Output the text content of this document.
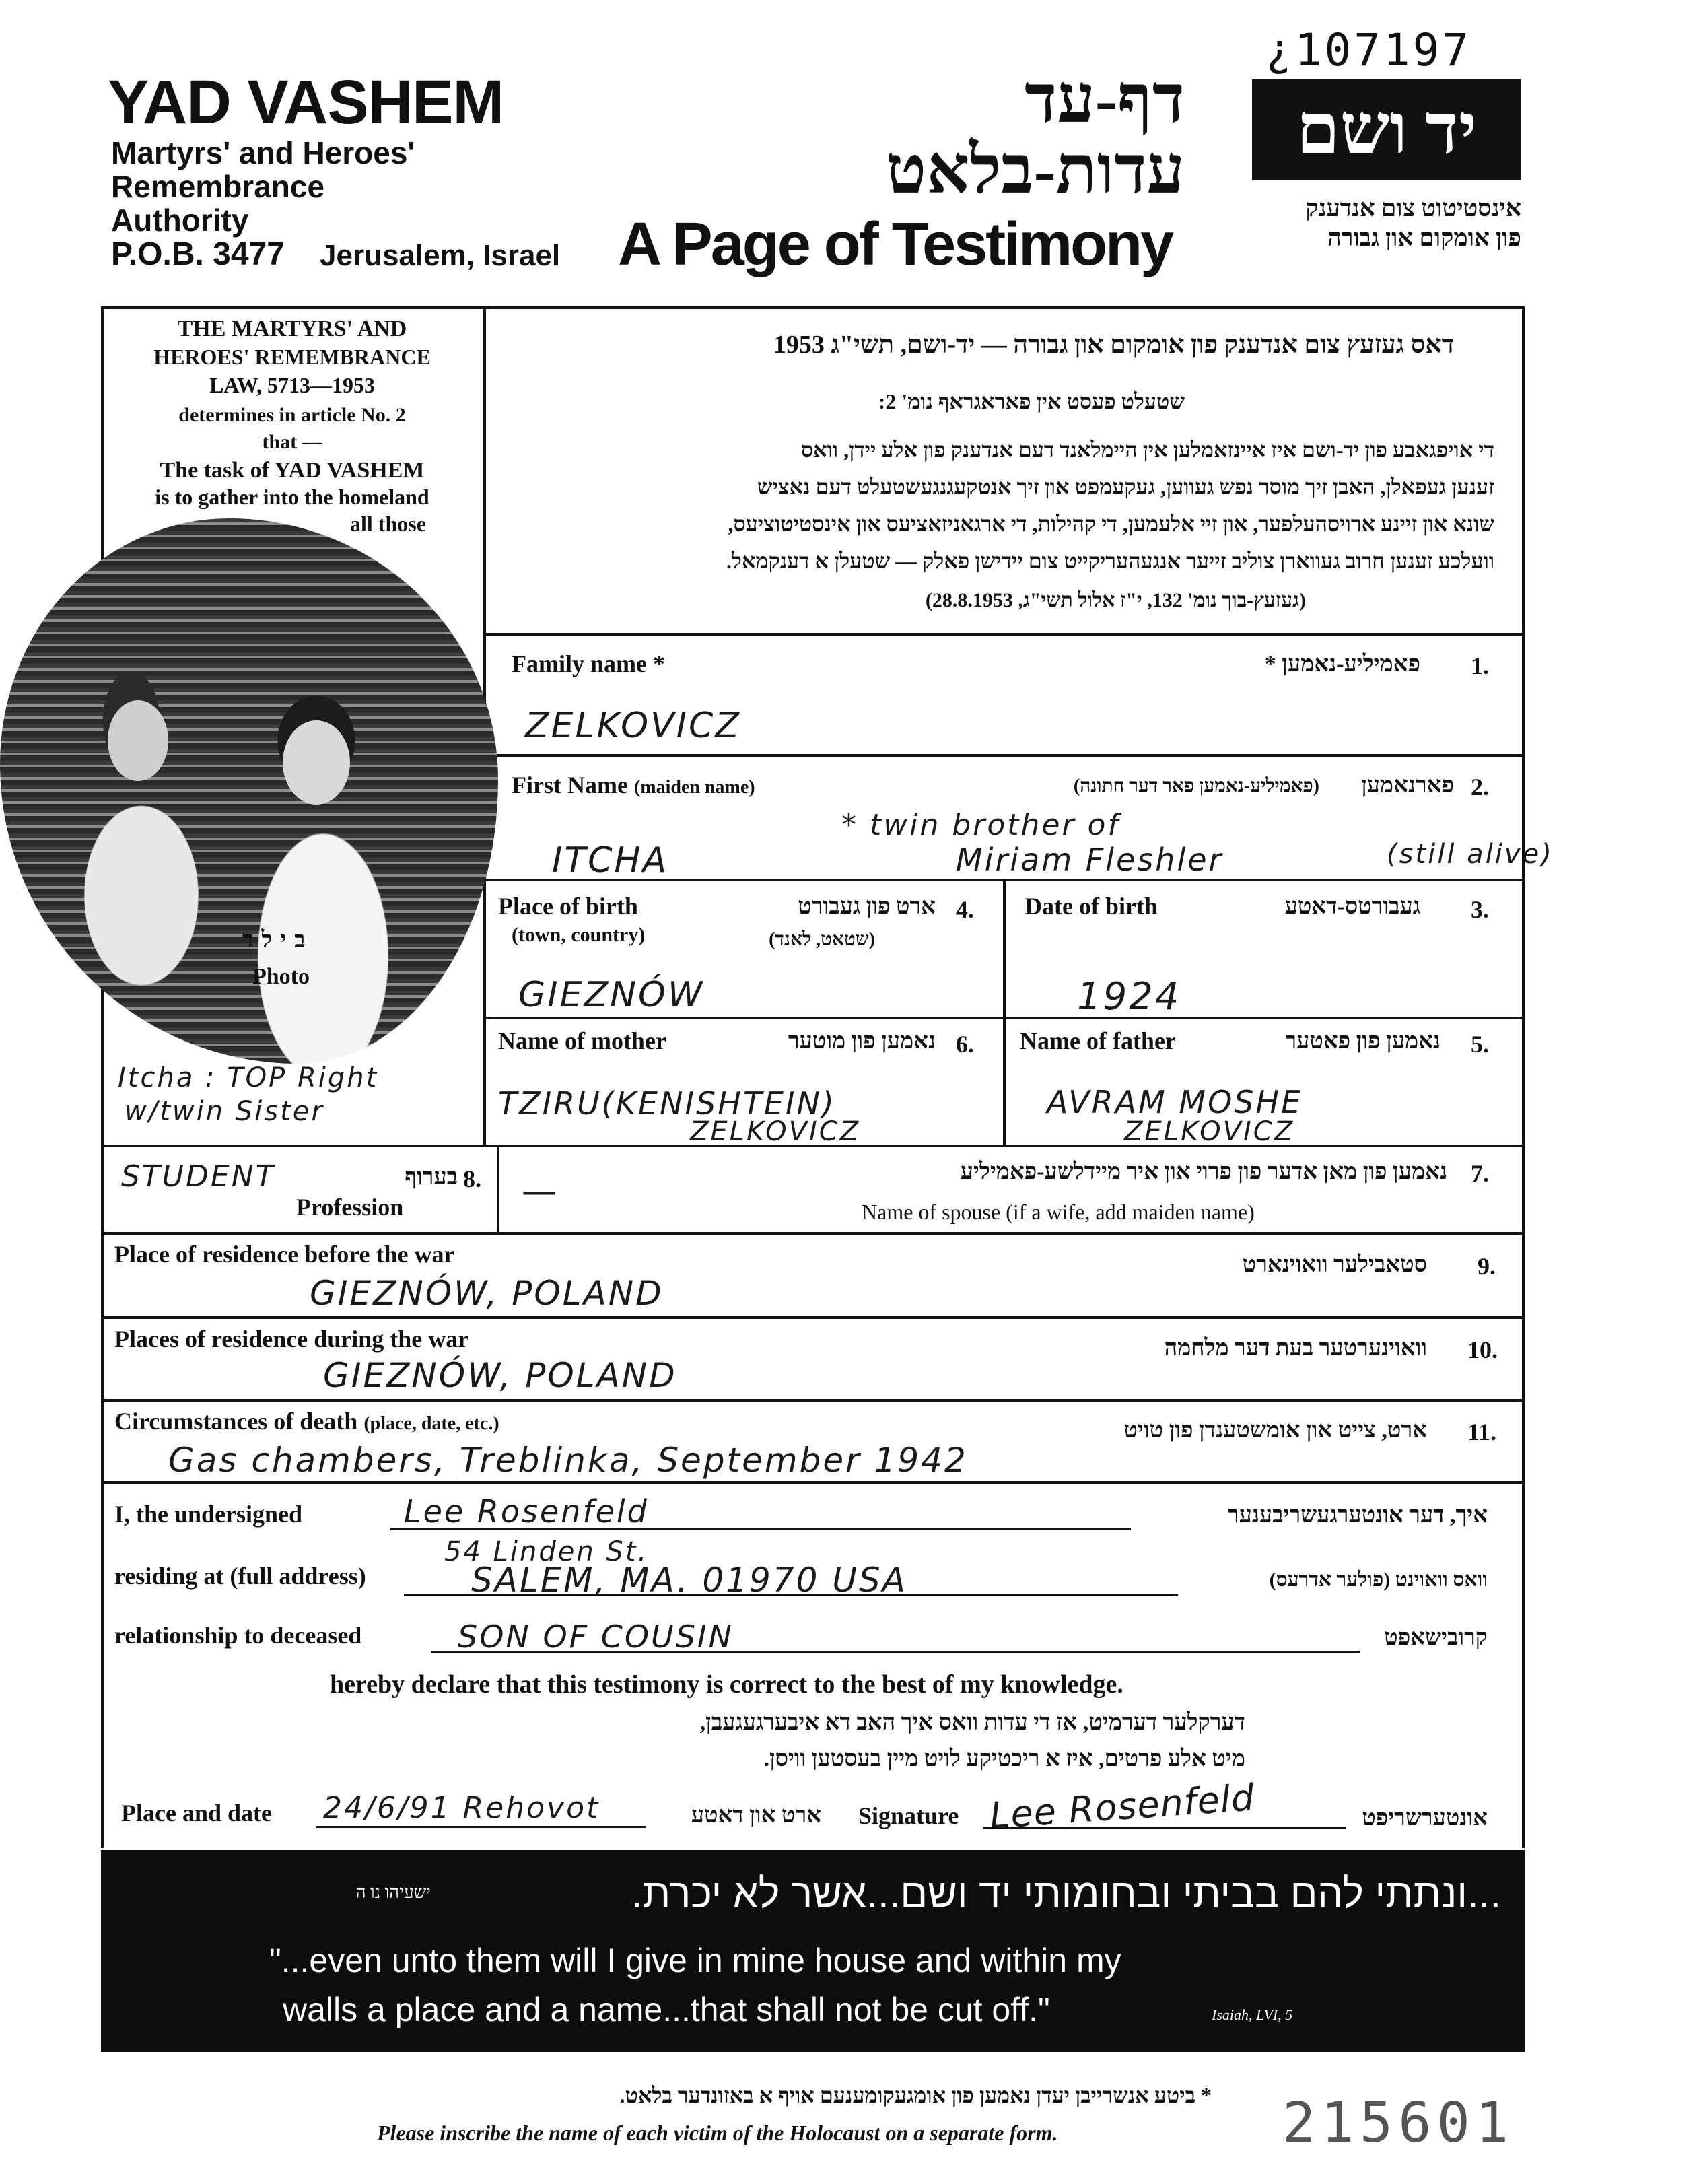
¿107197
YAD VASHEM
Martyrs' and Heroes'
Remembrance
Authority
P.O.B. 3477 Jerusalem, Israel
דף-עד
עדות-בלאט
A Page of Testimony
יד ושם
אינסטיטוט צום אנדענק
פון אומקום און גבורה
THE MARTYRS' AND
HEROES' REMEMBRANCE
LAW, 5713—1953
determines in article No. 2
that —
The task of YAD VASHEM
is to gather into the homeland
all those
דאס געזעץ צום אנדענק פון אומקום און גבורה — יד-ושם, תשי"ג 1953
שטעלט פעסט אין פאראגראף נומ' 2:
די אויפגאבע פון יד-ושם איז איינזאמלען אין היימלאנד דעם אנדענק פון אלע יידן, וואס
זענען געפאלן, האבן זיך מוסר נפש געווען, געקעמפט און זיך אנטקעגנגעשטעלט דעם נאציש
שונא און זיינע ארויסהעלפער, און זיי אלעמען, די קהילות, די ארגאניזאציעס און אינסטיטוציעס,
וועלכע זענען חרוב געווארן צוליב זייער אנגעהעריקייט צום יידישן פאלק — שטעלן א דענקמאל.
(געזעץ-בוך נומ' 132, י"ז אלול תשי"ג, 28.8.1953)
בילד
Photo
Itcha : TOP Right
w/twin Sister
Family name *	פאמיליע-נאמען * 1.
ZELKOVICZ
First Name (maiden name)	(פאמיליע-נאמען פאר דער חתונה)	פארנאמען 2.
* twin brother of
ITCHA	Miriam Fleshler	(still alive)
Place of birth
(town, country)
ארט פון געבורט
(שטאט, לאנד)
4.
GIEZNÓW
Date of birth	געבורטס-דאטע 3.
1924
Name of mother	נאמען פון מוטער 6.
TZIRU(KENISHTEIN)
ZELKOVICZ
Name of father	נאמען פון פאטער 5.
AVRAM MOSHE
ZELKOVICZ
STUDENT	בערוף 8.
Profession	—	נאמען פון מאן אדער פון פרוי און איר מיידלשע-פאמיליע 7.
Name of spouse (if a wife, add maiden name)
Place of residence before the war	סטאבילער וואוינארט 9.
GIEZNÓW, POLAND
Places of residence during the war	וואוינערטער בעת דער מלחמה 10.
GIEZNÓW, POLAND
Circumstances of death (place, date, etc.)	ארט, צייט און אומשטענדן פון טויט 11.
Gas chambers, Treblinka, September 1942
I, the undersigned	Lee Rosenfeld	איך, דער אונטערגעשריבענער
54 Linden St.
residing at (full address)	SALEM, MA. 01970 USA	וואס וואוינט (פולער אדרעס)
relationship to deceased	SON OF COUSIN	קרובישאפט
hereby declare that this testimony is correct to the best of my knowledge.
דערקלער דערמיט, אז די עדות וואס איך האב דא איבערגעגעבן,
מיט אלע פרטים, איז א ריכטיקע לויט מיין בעסטען וויסן.
Place and date 24/6/91 Rehovot	ארט און דאטע Signature Lee Rosenfeld	אונטערשריפט
...ונתתי להם בביתי ובחומותי יד ושם...אשר לא יכרת.
ישעיהו נו ה
"...even unto them will I give in mine house and within my
walls a place and a name...that shall not be cut off."	Isaiah, LVI, 5
* ביטע אנשרייבן יעדן נאמען פון אומגעקומענעם אויף א באזונדער בלאט.
Please inscribe the name of each victim of the Holocaust on a separate form.	215601
